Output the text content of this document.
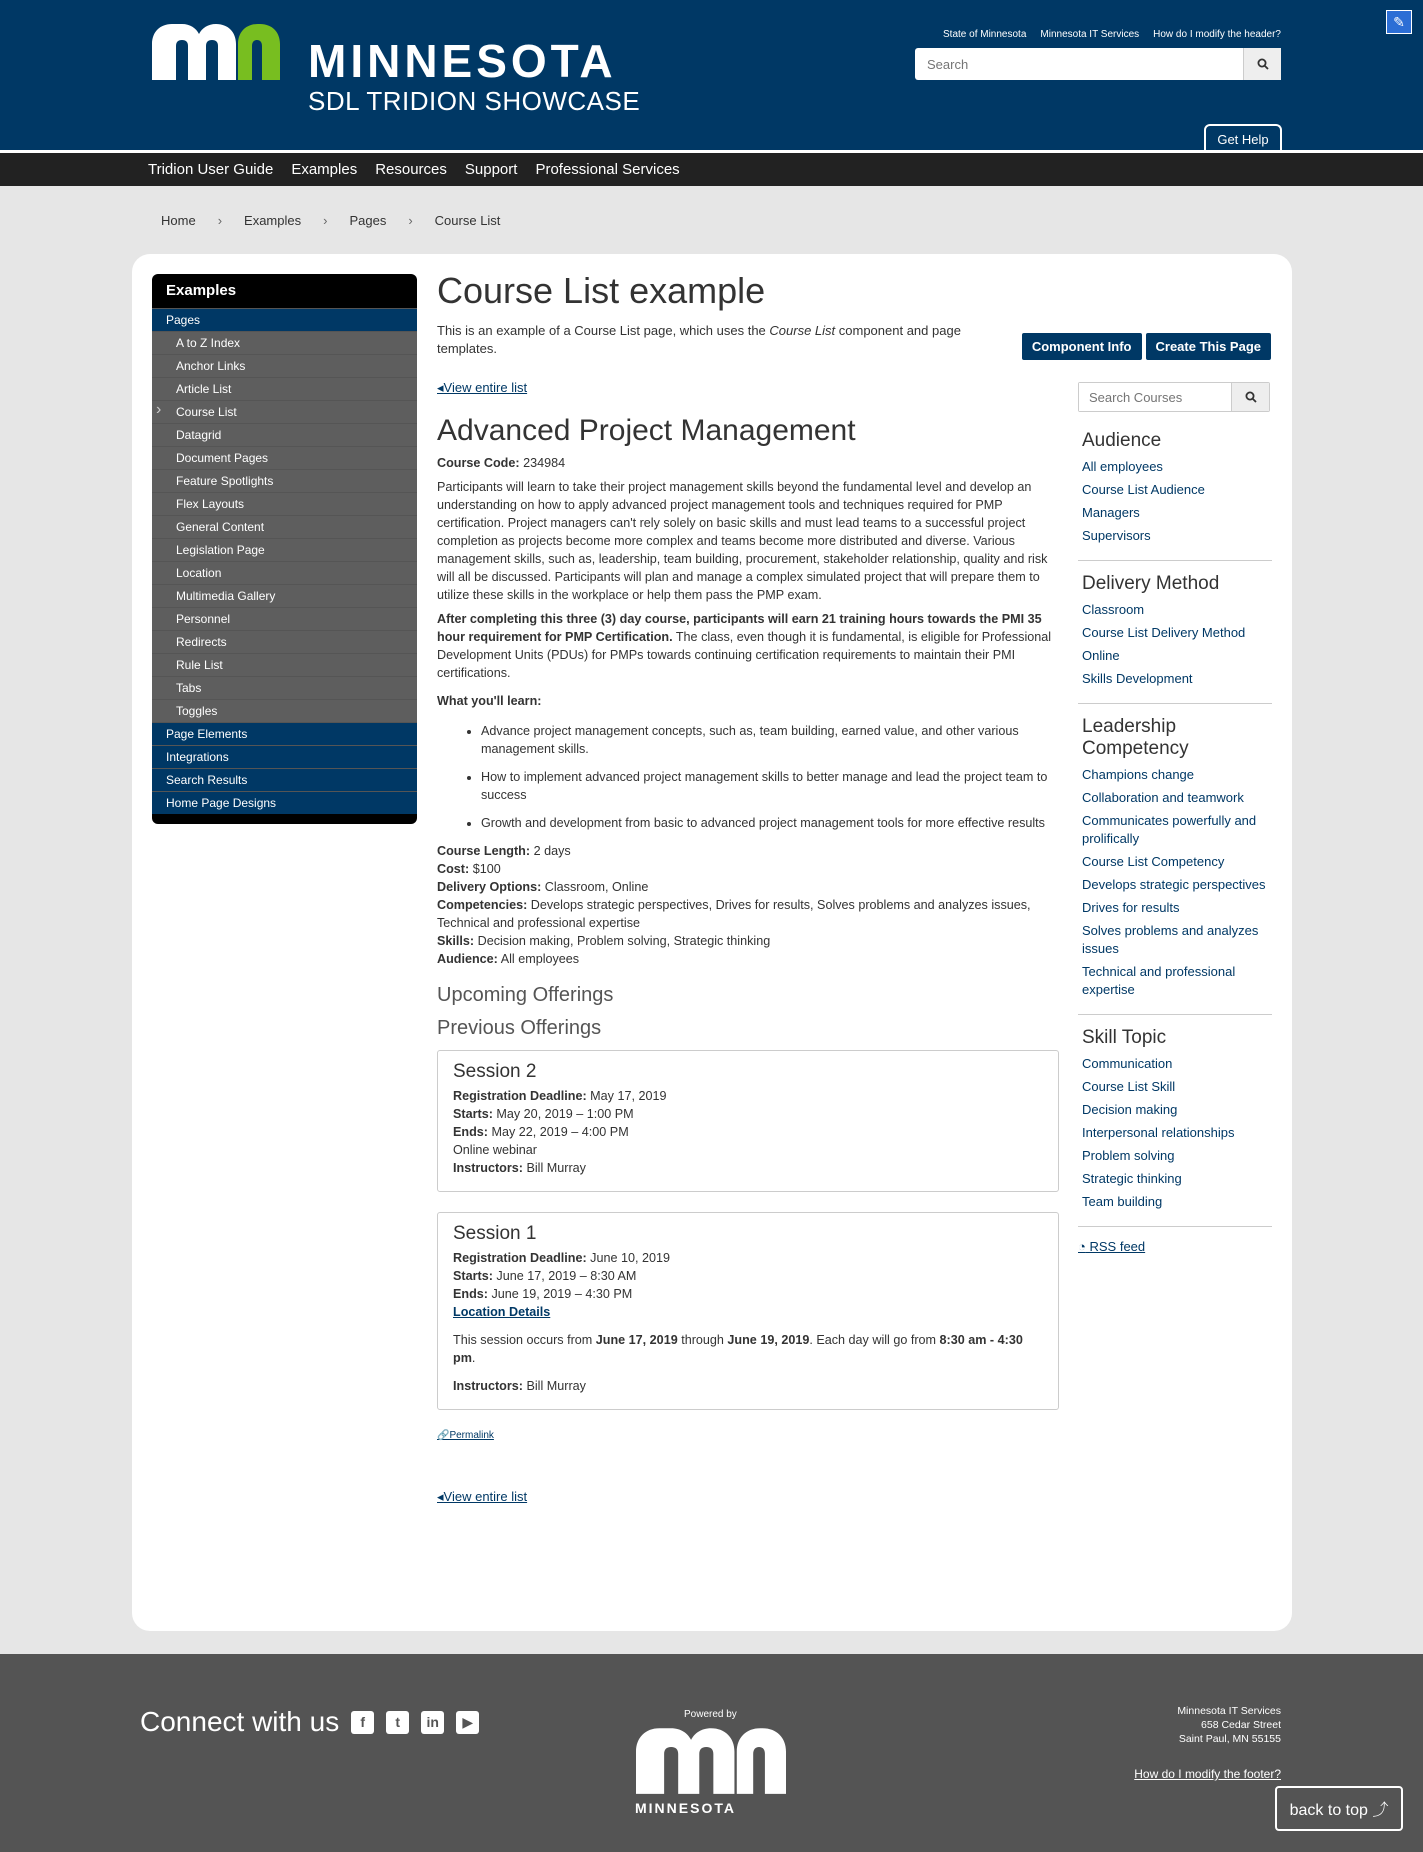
MINNESOTA
SDL TRIDION SHOWCASE
State of Minnesota Minnesota IT Services How do I modify the header?
Search
✎
Get Help
Tridion User Guide Examples Resources Support Professional Services
Home › Examples › Pages › Course List
Examples
Pages
A to Z Index
Anchor Links
Article List
› Course List
Datagrid
Document Pages
Feature Spotlights
Flex Layouts
General Content
Legislation Page
Location
Multimedia Gallery
Personnel
Redirects
Rule List
Tabs
Toggles
Page Elements
Integrations
Search Results
Home Page Designs
Course List example

This is an example of a Course List page, which uses the Course List component and page templates.	Component Info	Create This Page
◂View entire list
Advanced Project Management

Course Code: 234984

Participants will learn to take their project management skills beyond the fundamental level and develop an understanding on how to apply advanced project management tools and techniques required for PMP certification. Project managers can't rely solely on basic skills and must lead teams to a successful project completion as projects become more complex and teams become more distributed and diverse. Various management skills, such as, leadership, team building, procurement, stakeholder relationship, quality and risk will all be discussed. Participants will plan and manage a complex simulated project that will prepare them to utilize these skills in the workplace or help them pass the PMP exam.

After completing this three (3) day course, participants will earn 21 training hours towards the PMI 35 hour requirement for PMP Certification. The class, even though it is fundamental, is eligible for Professional Development Units (PDUs) for PMPs towards continuing certification requirements to maintain their PMI certifications.

What you'll learn:

• Advance project management concepts, such as, team building, earned value, and other various management skills.
• How to implement advanced project management skills to better manage and lead the project team to success
• Growth and development from basic to advanced project management tools for more effective results
Course Length: 2 days
Cost: $100
Delivery Options: Classroom, Online
Competencies: Develops strategic perspectives, Drives for results, Solves problems and analyzes issues, Technical and professional expertise
Skills: Decision making, Problem solving, Strategic thinking
Audience: All employees
Upcoming Offerings
Previous Offerings
Session 2
Registration Deadline: May 17, 2019
Starts: May 20, 2019 – 1:00 PM
Ends: May 22, 2019 – 4:00 PM
Online webinar
Instructors: Bill Murray
Session 1
Registration Deadline: June 10, 2019
Starts: June 17, 2019 – 8:30 AM
Ends: June 19, 2019 – 4:30 PM
Location Details
This session occurs from June 17, 2019 through June 19, 2019. Each day will go from 8:30 am - 4:30 pm.
Instructors: Bill Murray
🔗Permalink
◂View entire list
Search Courses
Audience
All employees
Course List Audience
Managers
Supervisors
Delivery Method
Classroom
Course List Delivery Method
Online
Skills Development
Leadership Competency
Champions change
Collaboration and teamwork
Communicates powerfully and prolifically
Course List Competency
Develops strategic perspectives
Drives for results
Solves problems and analyzes issues
Technical and professional expertise
Skill Topic
Communication
Course List Skill
Decision making
Interpersonal relationships
Problem solving
Strategic thinking
Team building
◔ RSS feed
Connect with us	f	t	in	▶	Powered by
MINNESOTA
Minnesota IT Services
658 Cedar Street
Saint Paul, MN 55155
How do I modify the footer?
back to top ⤴
